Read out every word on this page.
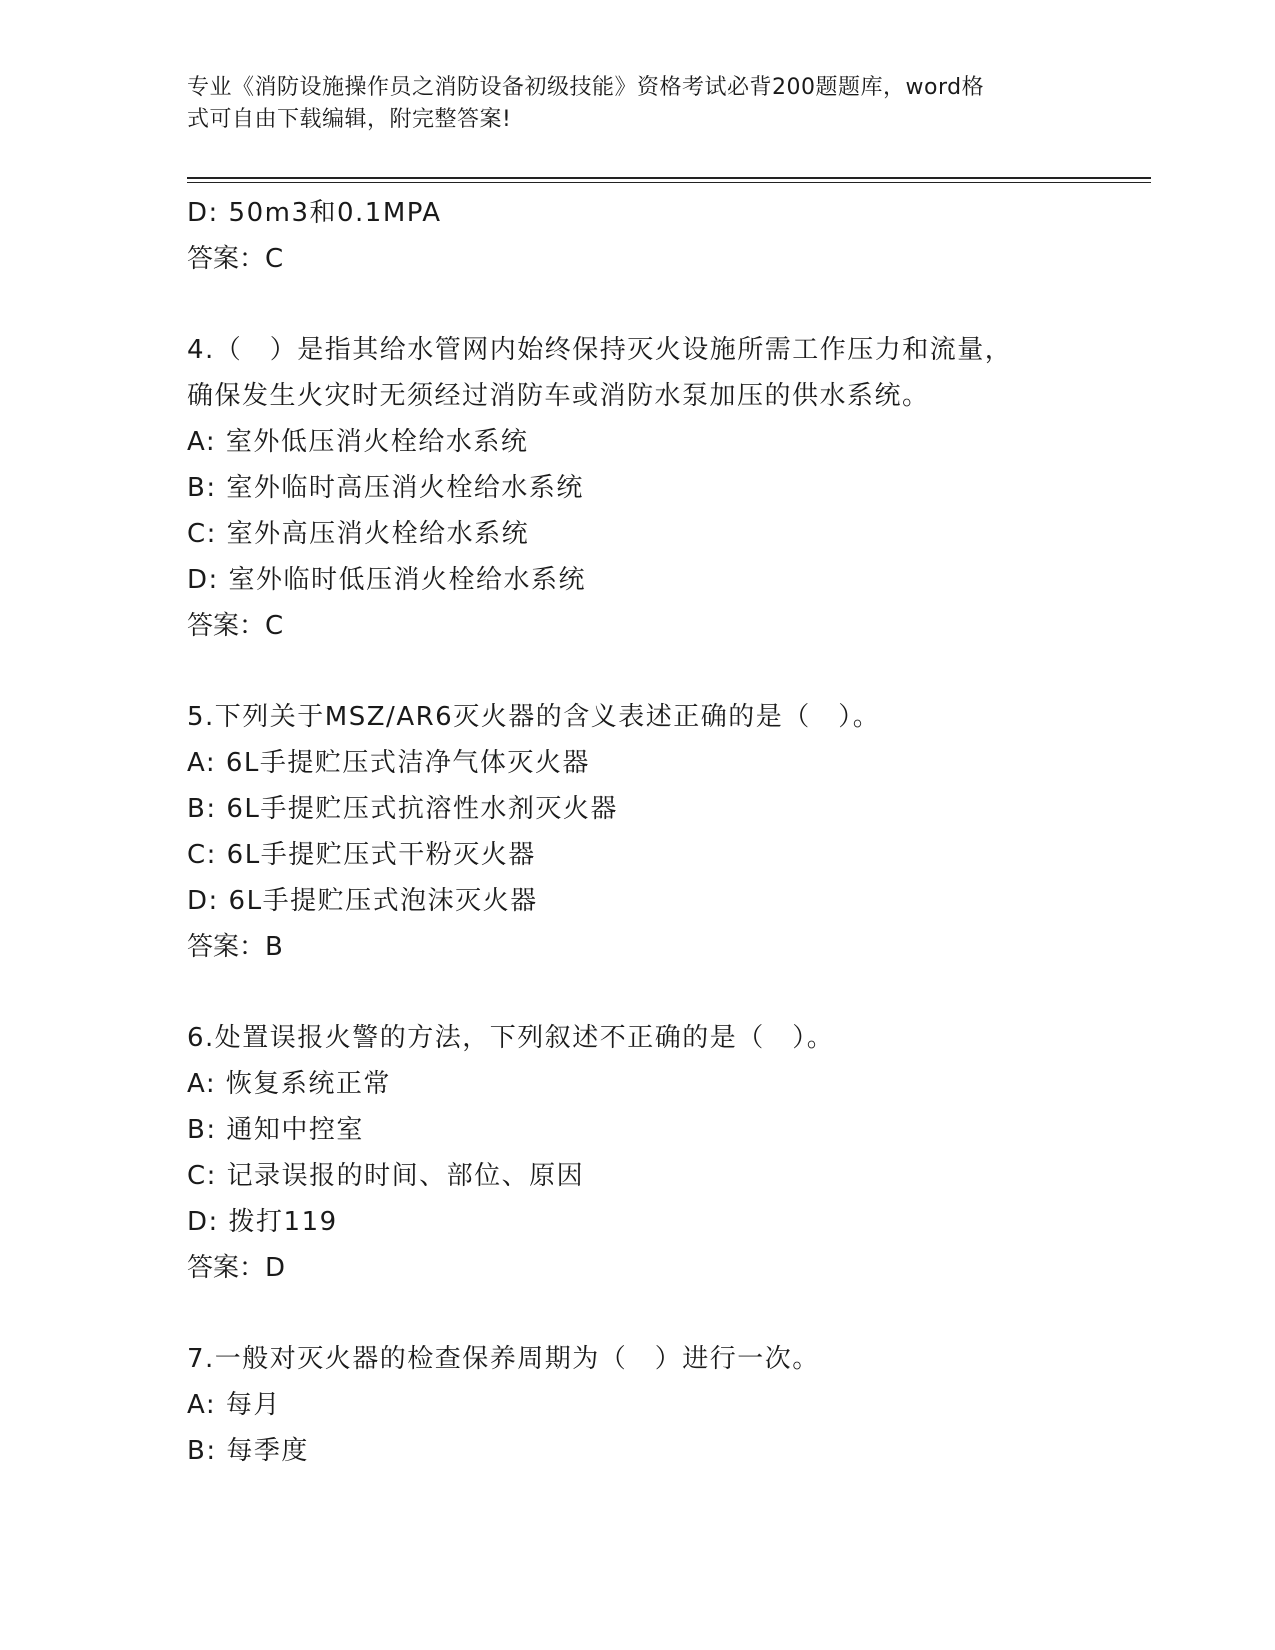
专业《消防设施操作员之消防设备初级技能》资格考试必背200题题库，word格
式可自由下载编辑，附完整答案!
D: 50m3和0.1MPA
答案：C
4.（　）是指其给水管网内始终保持灭火设施所需工作压力和流量，
确保发生火灾时无须经过消防车或消防水泵加压的供水系统。
A: 室外低压消火栓给水系统
B: 室外临时高压消火栓给水系统
C: 室外高压消火栓给水系统
D: 室外临时低压消火栓给水系统
答案：C
5.下列关于MSZ/AR6灭火器的含义表述正确的是（　）。
A: 6L手提贮压式洁净气体灭火器
B: 6L手提贮压式抗溶性水剂灭火器
C: 6L手提贮压式干粉灭火器
D: 6L手提贮压式泡沫灭火器
答案：B
6.处置误报火警的方法，下列叙述不正确的是（　）。
A: 恢复系统正常
B: 通知中控室
C: 记录误报的时间、部位、原因
D: 拨打119
答案：D
7.一般对灭火器的检查保养周期为（　）进行一次。
A: 每月
B: 每季度
